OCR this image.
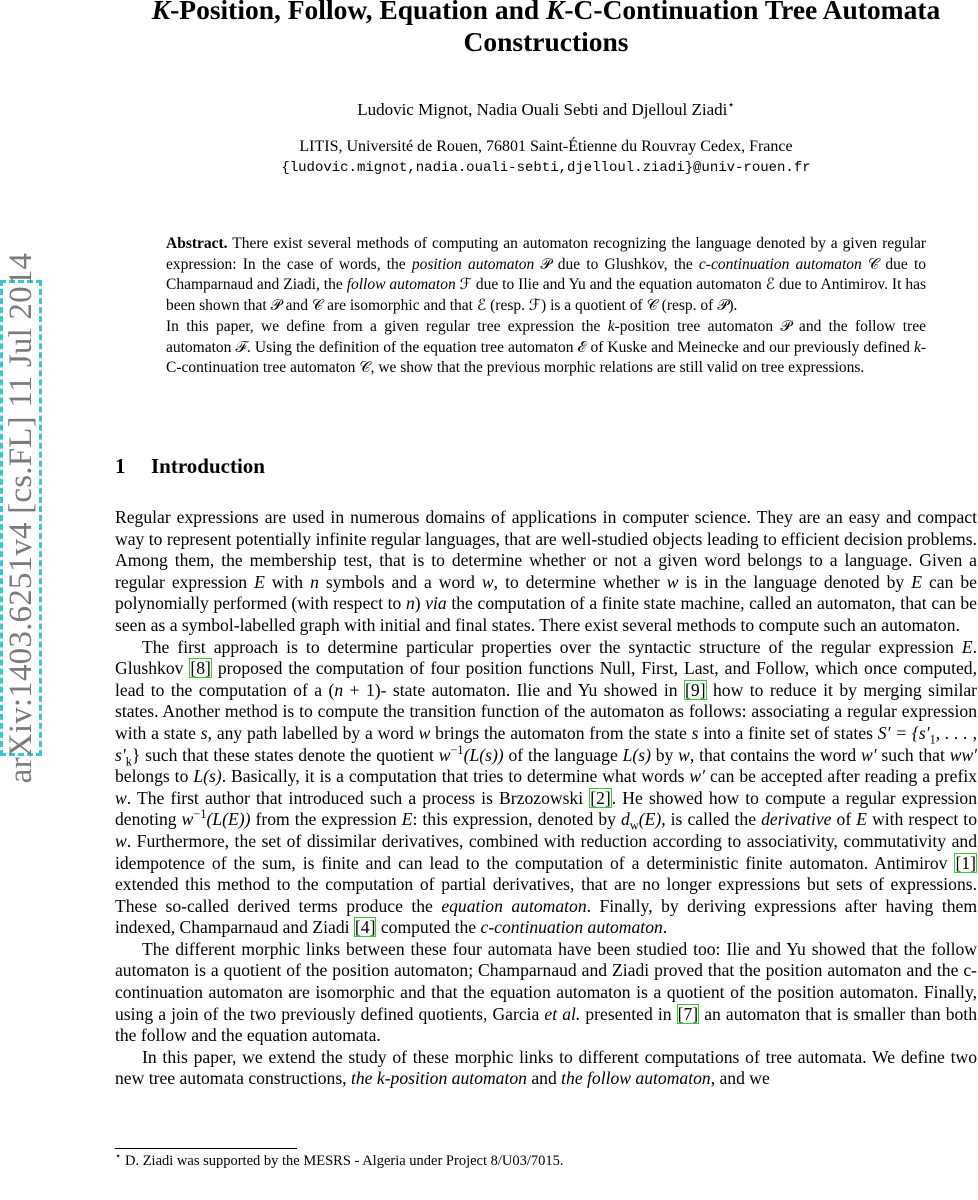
arXiv:1403.6251v4 [cs.FL] 11 Jul 2014
K-Position, Follow, Equation and K-C-Continuation Tree Automata Constructions
Ludovic Mignot, Nadia Ouali Sebti and Djelloul Ziadi⋆
LITIS, Université de Rouen, 76801 Saint-Étienne du Rouvray Cedex, France
{ludovic.mignot,nadia.ouali-sebti,djelloul.ziadi}@univ-rouen.fr

Abstract. There exist several methods of computing an automaton recognizing the language denoted by a given regular expression: In the case of words, the position automaton 𝒫 due to Glushkov, the c-continuation automaton 𝒞 due to Champarnaud and Ziadi, the follow automaton ℱ due to Ilie and Yu and the equation automaton ℰ due to Antimirov. It has been shown that 𝒫 and 𝒞 are isomorphic and that ℰ (resp. ℱ) is a quotient of 𝒞 (resp. of 𝒫).

In this paper, we define from a given regular tree expression the k-position tree automaton 𝒫 and the follow tree automaton ℱ. Using the definition of the equation tree automaton ℰ of Kuske and Meinecke and our previously defined k-C-continuation tree automaton 𝒞, we show that the previous morphic relations are still valid on tree expressions.

1 Introduction

Regular expressions are used in numerous domains of applications in computer science. They are an easy and compact way to represent potentially infinite regular languages, that are well-studied objects leading to efficient decision problems. Among them, the membership test, that is to determine whether or not a given word belongs to a language. Given a regular expression E with n symbols and a word w, to determine whether w is in the language denoted by E can be polynomially performed (with respect to n) via the computation of a finite state machine, called an automaton, that can be seen as a symbol-labelled graph with initial and final states. There exist several methods to compute such an automaton.

The first approach is to determine particular properties over the syntactic structure of the regular expression E. Glushkov [8] proposed the computation of four position functions Null, First, Last, and Follow, which once computed, lead to the computation of a (n + 1)- state automaton. Ilie and Yu showed in [9] how to reduce it by merging similar states. Another method is to compute the transition function of the automaton as follows: associating a regular expression with a state s, any path labelled by a word w brings the automaton from the state s into a finite set of states $S' = \{s'_1$, . . . , $s'_k$} such that these states denote the quotient $w^{-1}(L(s))$ of the language L(s) by w, that contains the word w′ such that ww′ belongs to L(s). Basically, it is a computation that tries to determine what words w′ can be accepted after reading a prefix w. The first author that introduced such a process is Brzozowski [2]. He showed how to compute a regular expression denoting $w^{-1}(L(E))$ from the expression E: this expression, denoted by $d_w(E)$, is called the derivative of E with respect to w. Furthermore, the set of dissimilar derivatives, combined with reduction according to associativity, commutativity and idempotence of the sum, is finite and can lead to the computation of a deterministic finite automaton. Antimirov [1] extended this method to the computation of partial derivatives, that are no longer expressions but sets of expressions. These so-called derived terms produce the equation automaton. Finally, by deriving expressions after having them indexed, Champarnaud and Ziadi [4] computed the c-continuation automaton.

The different morphic links between these four automata have been studied too: Ilie and Yu showed that the follow automaton is a quotient of the position automaton; Champarnaud and Ziadi proved that the position automaton and the c-continuation automaton are isomorphic and that the equation automaton is a quotient of the position automaton. Finally, using a join of the two previously defined quotients, Garcia et al. presented in [7] an automaton that is smaller than both the follow and the equation automata.

In this paper, we extend the study of these morphic links to different computations of tree automata. We define two new tree automata constructions, the k-position automaton and the follow automaton, and we

⋆ D. Ziadi was supported by the MESRS - Algeria under Project 8/U03/7015.
